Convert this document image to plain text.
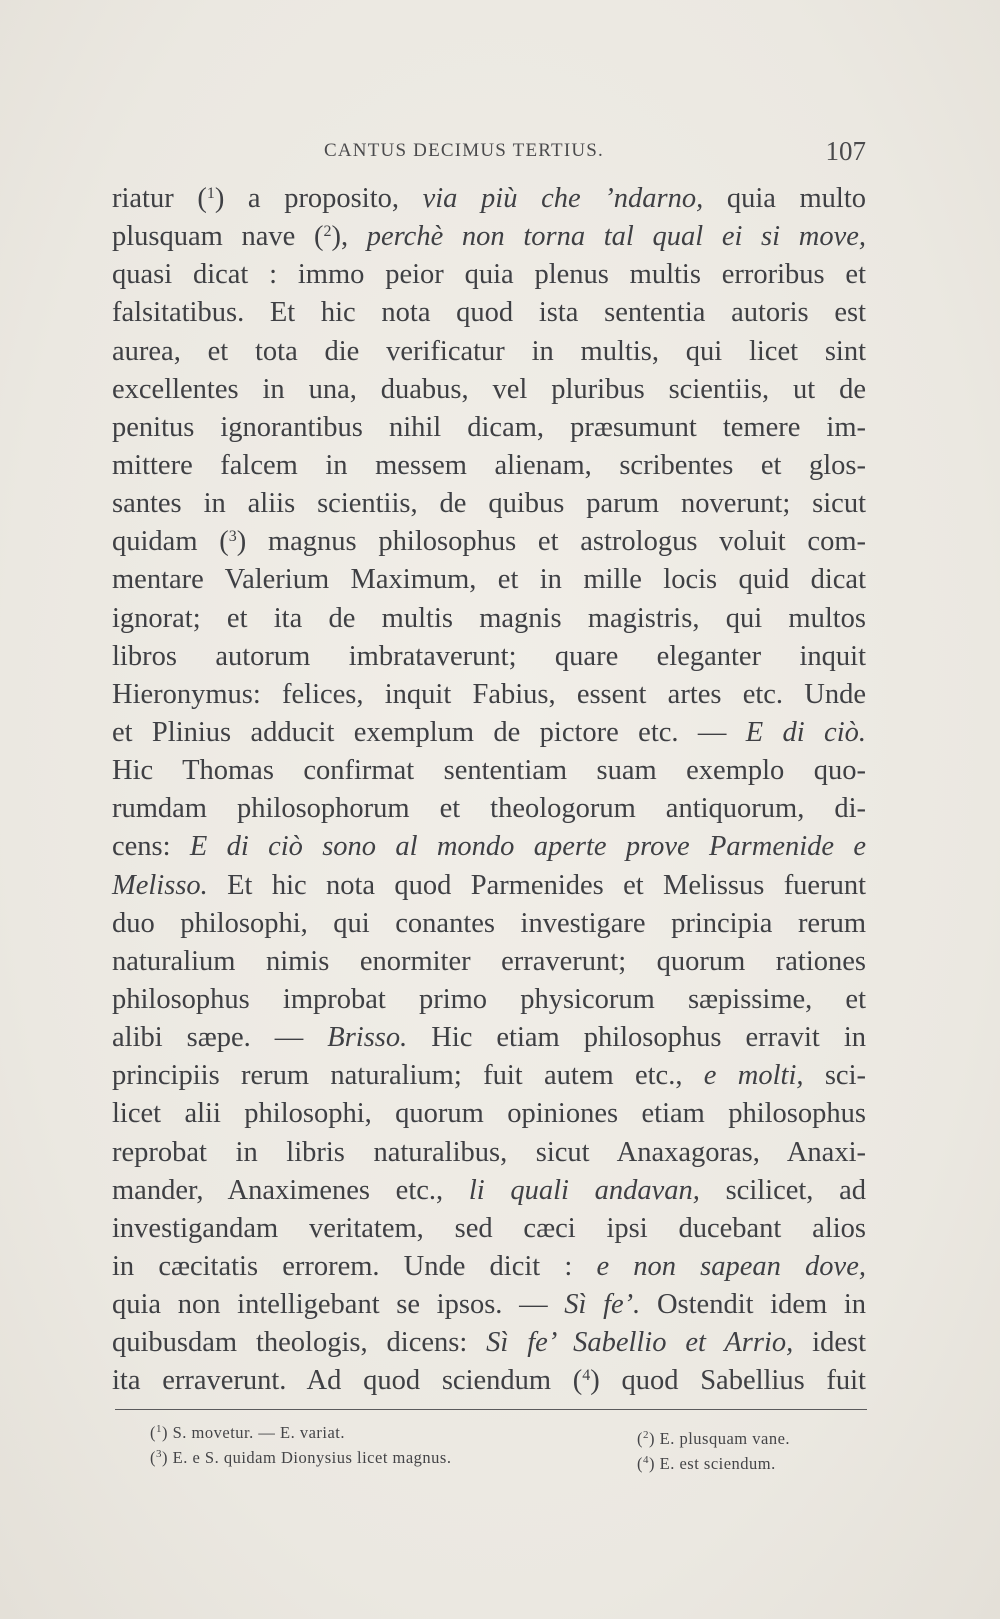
CANTUS DECIMUS TERTIUS.	107
riatur ($^1$) a proposito, via più che ’ndarno, quia multo
plusquam nave ($^2$), perchè non torna tal qual ei si move,
quasi dicat : immo peior quia plenus multis erroribus et
falsitatibus. Et hic nota quod ista sententia autoris est
aurea, et tota die verificatur in multis, qui licet sint
excellentes in una, duabus, vel pluribus scientiis, ut de
penitus ignorantibus nihil dicam, præsumunt temere im-
mittere falcem in messem alienam, scribentes et glos-
santes in aliis scientiis, de quibus parum noverunt; sicut
quidam ($^3$) magnus philosophus et astrologus voluit com-
mentare Valerium Maximum, et in mille locis quid dicat
ignorat; et ita de multis magnis magistris, qui multos
libros autorum imbrataverunt; quare eleganter inquit
Hieronymus: felices, inquit Fabius, essent artes etc. Unde
et Plinius adducit exemplum de pictore etc. — E di ciò.
Hic Thomas confirmat sententiam suam exemplo quo-
rumdam philosophorum et theologorum antiquorum, di-
cens: E di ciò sono al mondo aperte prove Parmenide e
Melisso. Et hic nota quod Parmenides et Melissus fuerunt
duo philosophi, qui conantes investigare principia rerum
naturalium nimis enormiter erraverunt; quorum rationes
philosophus improbat primo physicorum sæpissime, et
alibi sæpe. — Brisso. Hic etiam philosophus erravit in
principiis rerum naturalium; fuit autem etc., e molti, sci-
licet alii philosophi, quorum opiniones etiam philosophus
reprobat in libris naturalibus, sicut Anaxagoras, Anaxi-
mander, Anaximenes etc., li quali andavan, scilicet, ad
investigandam veritatem, sed cæci ipsi ducebant alios
in cæcitatis errorem. Unde dicit : e non sapean dove,
quia non intelligebant se ipsos. — Sì fe’. Ostendit idem in
quibusdam theologis, dicens: Sì fe’ Sabellio et Arrio, idest
ita erraverunt. Ad quod sciendum ($^4$) quod Sabellius fuit
($^1$) S. movetur. — E. variat.	($^2$) E. plusquam vane.
($^3$) E. e S. quidam Dionysius licet magnus.	($^4$) E. est sciendum.
